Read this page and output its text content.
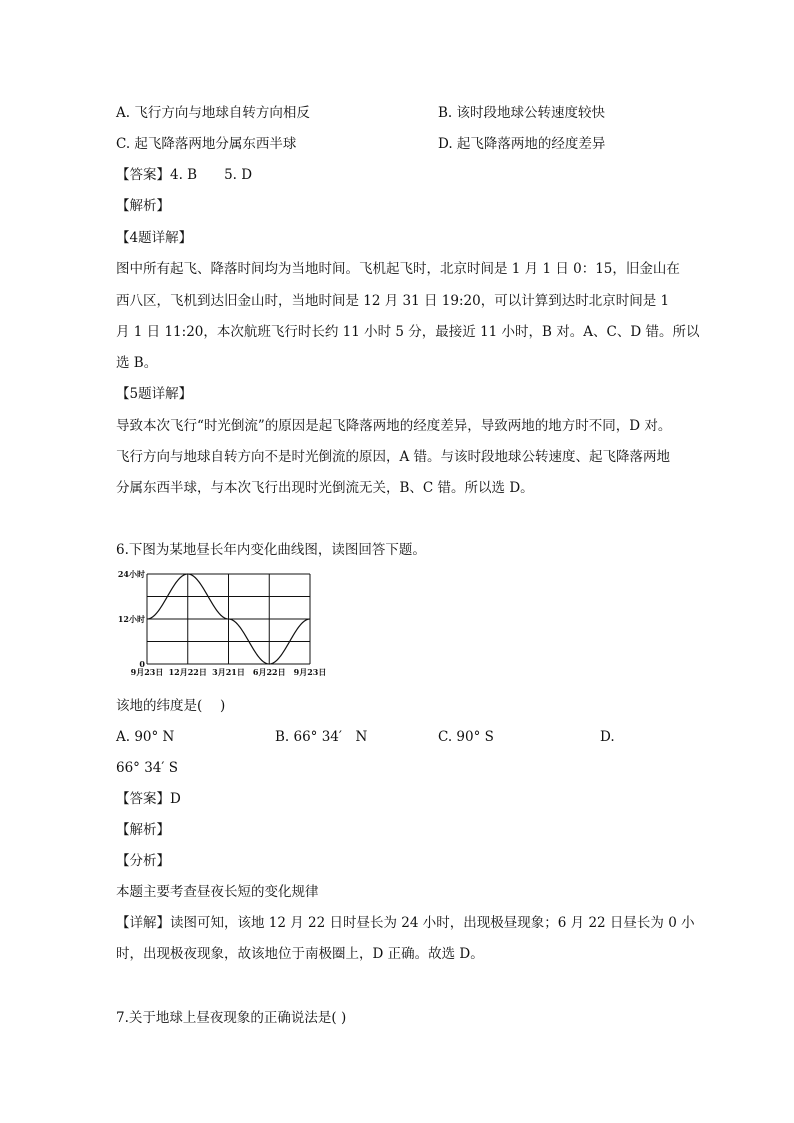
A. 飞行方向与地球自转方向相反	B. 该时段地球公转速度较快
C. 起飞降落两地分属东西半球	D. 起飞降落两地的经度差异
【答案】4. B　　5. D
【解析】
【4题详解】
图中所有起飞、降落时间均为当地时间。飞机起飞时，北京时间是 1 月 1 日 0：15，旧金山在
西八区，飞机到达旧金山时，当地时间是 12 月 31 日 19:20，可以计算到达时北京时间是 1
月 1 日 11:20，本次航班飞行时长约 11 小时 5 分，最接近 11 小时，B 对。A、C、D 错。所以
选 B。
【5题详解】
导致本次飞行“时光倒流”的原因是起飞降落两地的经度差异，导致两地的地方时不同，D 对。
飞行方向与地球自转方向不是时光倒流的原因，A 错。与该时段地球公转速度、起飞降落两地
分属东西半球，与本次飞行出现时光倒流无关，B、C 错。所以选 D。
6.下图为某地昼长年内变化曲线图，读图回答下题。
24小时
12小时
0
9月23日 12月22日 3月21日 6月22日 9月23日
该地的纬度是(　 )
A. 90° N	B. 66° 34′　N	C. 90° S	D.
66° 34′ S
【答案】D
【解析】
【分析】
本题主要考查昼夜长短的变化规律
【详解】读图可知，该地 12 月 22 日时昼长为 24 小时，出现极昼现象；6 月 22 日昼长为 0 小
时，出现极夜现象，故该地位于南极圈上，D 正确。故选 D。
7.关于地球上昼夜现象的正确说法是( )
